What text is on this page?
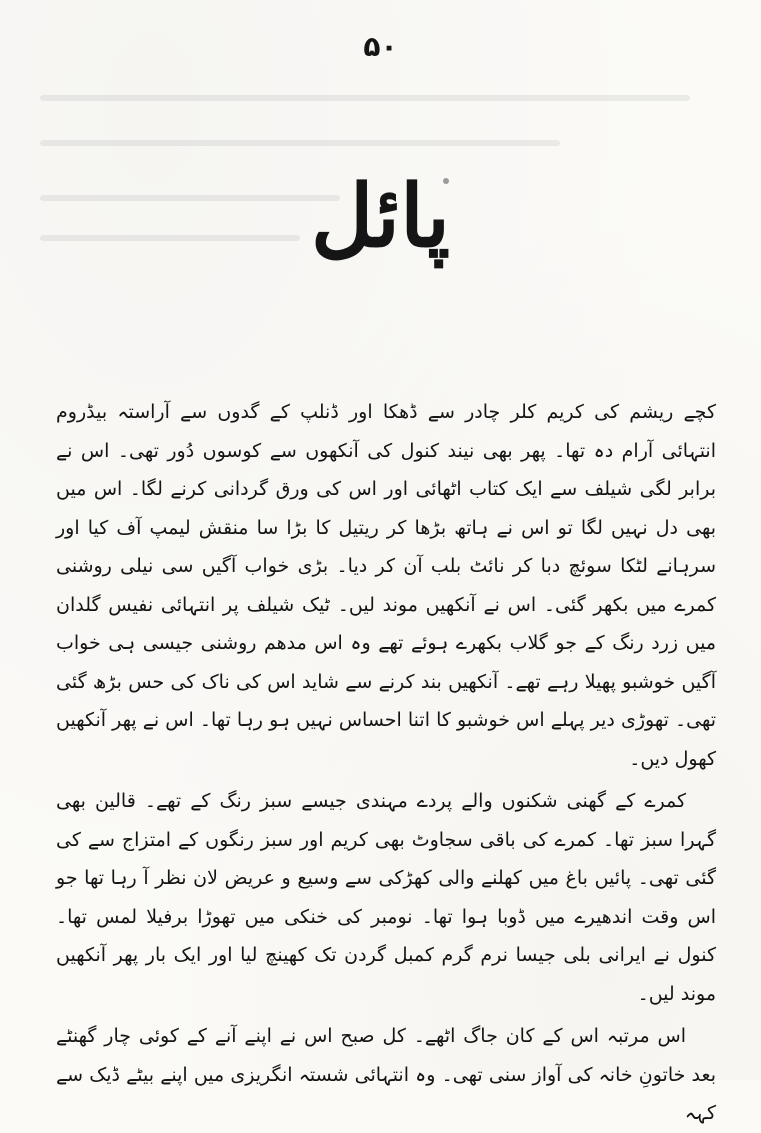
۵۰
پائل

کچے ریشم کی کریم کلر چادر سے ڈھکا اور ڈنلپ کے گدوں سے آراستہ بیڈروم انتہائی آرام دہ تھا۔ پھر بھی نیند کنول کی آنکھوں سے کوسوں دُور تھی۔ اس نے برابر لگی شیلف سے ایک کتاب اٹھائی اور اس کی ورق گردانی کرنے لگا۔ اس میں بھی دل نہیں لگا تو اس نے ہاتھ بڑھا کر ریتیل کا بڑا سا منقش لیمپ آف کیا اور سرہانے لٹکا سوئچ دبا کر نائٹ بلب آن کر دیا۔ بڑی خواب آگیں سی نیلی روشنی کمرے میں بکھر گئی۔ اس نے آنکھیں موند لیں۔ ٹیک شیلف پر انتہائی نفیس گلدان میں زرد رنگ کے جو گلاب بکھرے ہوئے تھے وہ اس مدھم روشنی جیسی ہی خواب آگیں خوشبو پھیلا رہے تھے۔ آنکھیں بند کرنے سے شاید اس کی ناک کی حس بڑھ گئی تھی۔ تھوڑی دیر پہلے اس خوشبو کا اتنا احساس نہیں ہو رہا تھا۔ اس نے پھر آنکھیں کھول دیں۔

کمرے کے گھنی شکنوں والے پردے مہندی جیسے سبز رنگ کے تھے۔ قالین بھی گہرا سبز تھا۔ کمرے کی باقی سجاوٹ بھی کریم اور سبز رنگوں کے امتزاج سے کی گئی تھی۔ پائیں باغ میں کھلنے والی کھڑکی سے وسیع و عریض لان نظر آ رہا تھا جو اس وقت اندھیرے میں ڈوبا ہوا تھا۔ نومبر کی خنکی میں تھوڑا برفیلا لمس تھا۔ کنول نے ایرانی بلی جیسا نرم گرم کمبل گردن تک کھینچ لیا اور ایک بار پھر آنکھیں موند لیں۔

اس مرتبہ اس کے کان جاگ اٹھے۔ کل صبح اس نے اپنے آنے کے کوئی چار گھنٹے بعد خاتونِ خانہ کی آواز سنی تھی۔ وہ انتہائی شستہ انگریزی میں اپنے بیٹے ڈیک سے کہہ
